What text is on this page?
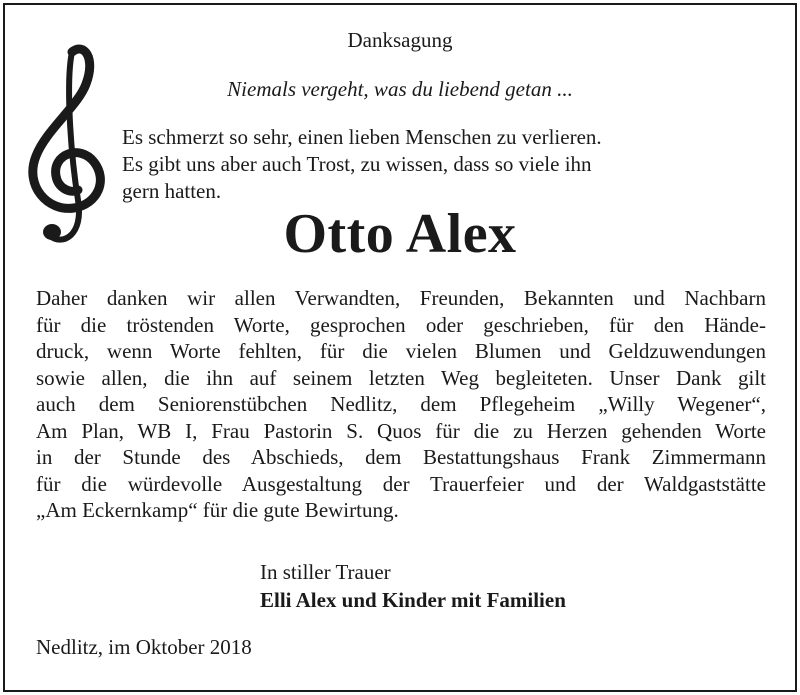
Danksagung
Niemals vergeht, was du liebend getan ...
Es schmerzt so sehr, einen lieben Menschen zu verlieren.
Es gibt uns aber auch Trost, zu wissen, dass so viele ihn
gern hatten.
Otto Alex
Daher danken wir allen Verwandten, Freunden, Bekannten und Nachbarn
für die tröstenden Worte, gesprochen oder geschrieben, für den Hände-
druck, wenn Worte fehlten, für die vielen Blumen und Geldzuwendungen
sowie allen, die ihn auf seinem letzten Weg begleiteten. Unser Dank gilt
auch dem Seniorenstübchen Nedlitz, dem Pflegeheim „Willy Wegener“,
Am Plan, WB I, Frau Pastorin S. Quos für die zu Herzen gehenden Worte
in der Stunde des Abschieds, dem Bestattungshaus Frank Zimmermann
für die würdevolle Ausgestaltung der Trauerfeier und der Waldgaststätte
„Am Eckernkamp“ für die gute Bewirtung.
In stiller Trauer
Elli Alex und Kinder mit Familien
Nedlitz, im Oktober 2018
